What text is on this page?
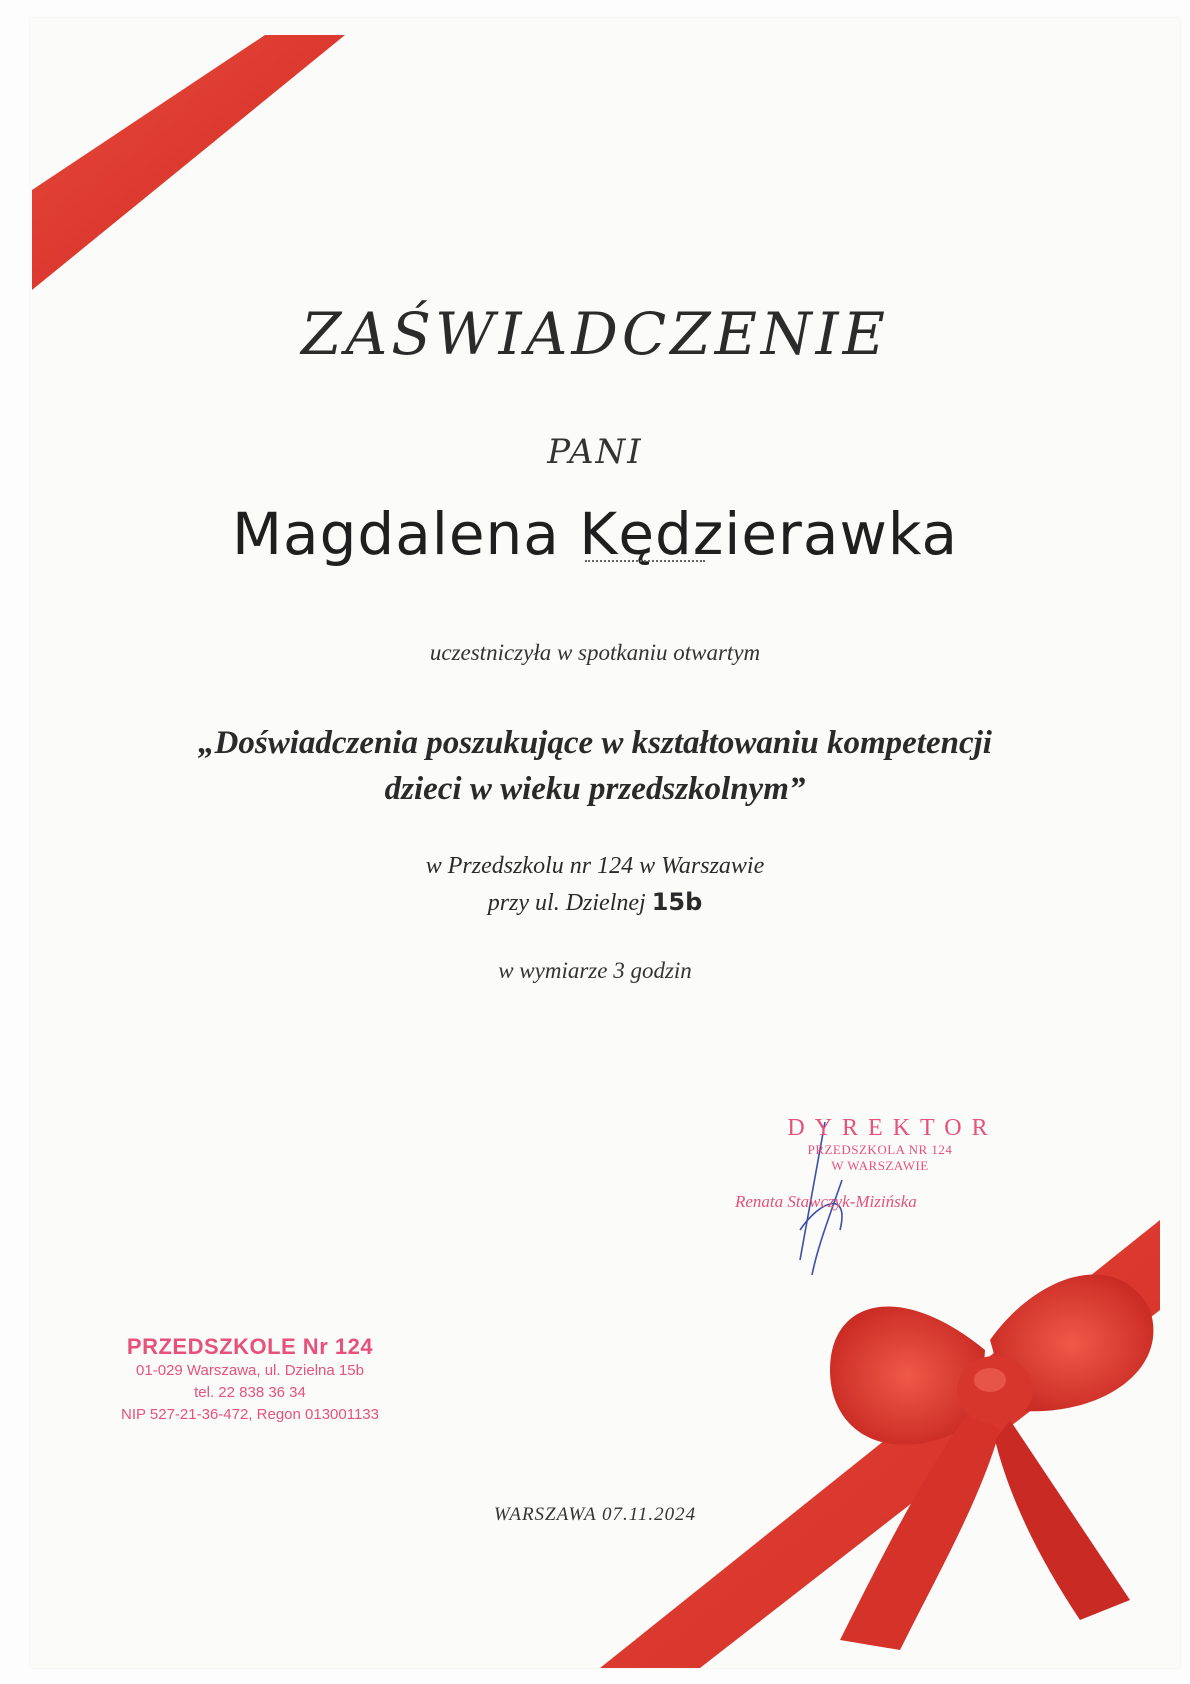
ZAŚWIADCZENIE
PANI
Magdalena Kędzierawka
uczestniczyła w spotkaniu otwartym
„Doświadczenia poszukujące w kształtowaniu kompetencji
dzieci w wieku przedszkolnym”
w Przedszkolu nr 124 w Warszawie
przy ul. Dzielnej 15b
w wymiarze 3 godzin
DYREKTOR
PRZEDSZKOLA NR 124
W WARSZAWIE
Renata Stawczyk-Mizińska
PRZEDSZKOLE Nr 124
01-029 Warszawa, ul. Dzielna 15b
tel. 22 838 36 34
NIP 527-21-36-472, Regon 013001133
WARSZAWA 07.11.2024
